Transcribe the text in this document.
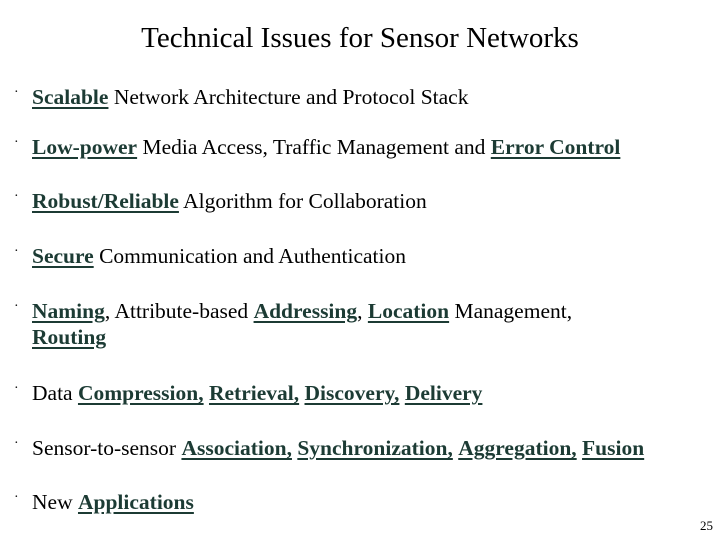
Technical Issues for Sensor Networks
· Scalable Network Architecture and Protocol Stack
· Low-power Media Access, Traffic Management and Error Control
· Robust/Reliable Algorithm for Collaboration
· Secure Communication and Authentication
· Naming, Attribute-based Addressing, Location Management,
Routing
· Data Compression, Retrieval, Discovery, Delivery
· Sensor-to-sensor Association, Synchronization, Aggregation, Fusion
· New Applications
25
